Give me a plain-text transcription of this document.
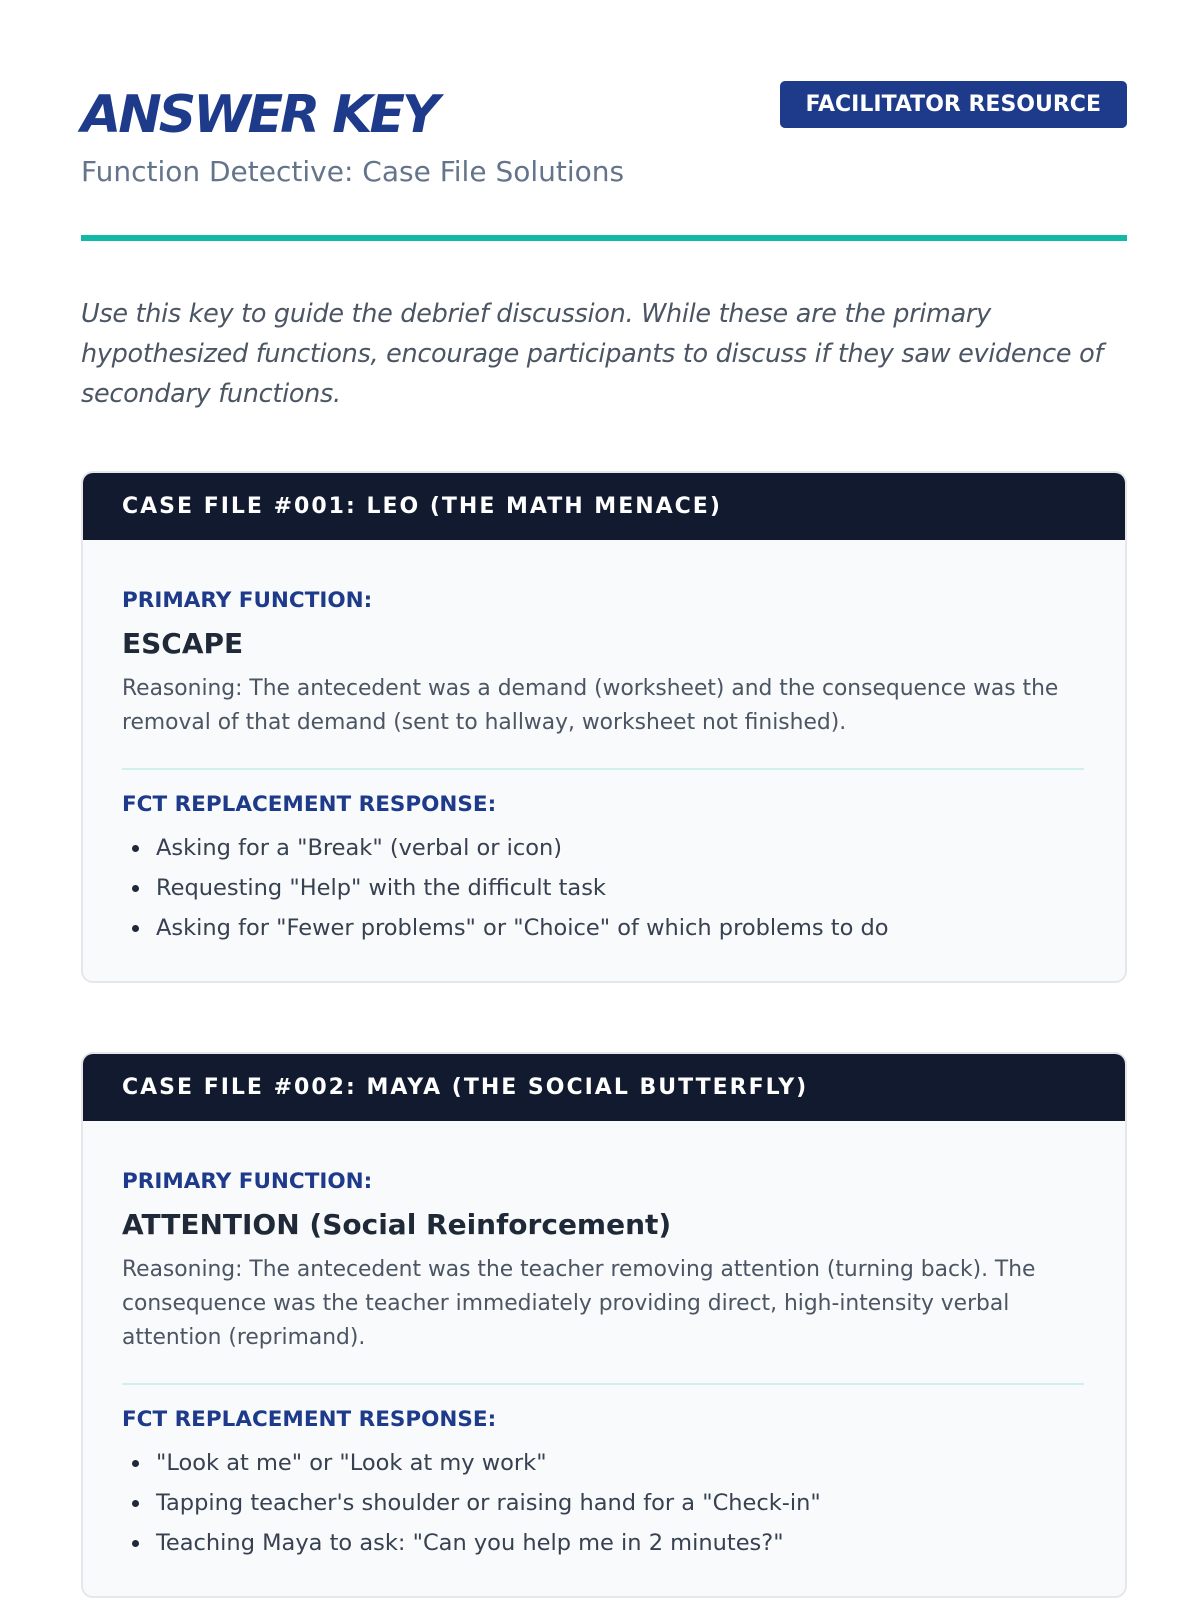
ANSWER KEY
Function Detective: Case File Solutions
FACILITATOR RESOURCE

Use this key to guide the debrief discussion. While these are the primary hypothesized functions, encourage participants to discuss if they saw evidence of secondary functions.

CASE FILE #001: LEO (THE MATH MENACE)
PRIMARY FUNCTION:
ESCAPE

Reasoning: The antecedent was a demand (worksheet) and the consequence was the removal of that demand (sent to hallway, worksheet not finished).

FCT REPLACEMENT RESPONSE:
Asking for a "Break" (verbal or icon)
Requesting "Help" with the difficult task
Asking for "Fewer problems" or "Choice" of which problems to do
CASE FILE #002: MAYA (THE SOCIAL BUTTERFLY)
PRIMARY FUNCTION:
ATTENTION (Social Reinforcement)

Reasoning: The antecedent was the teacher removing attention (turning back). The consequence was the teacher immediately providing direct, high-intensity verbal attention (reprimand).

FCT REPLACEMENT RESPONSE:
"Look at me" or "Look at my work"
Tapping teacher's shoulder or raising hand for a "Check-in"
Teaching Maya to ask: "Can you help me in 2 minutes?"
